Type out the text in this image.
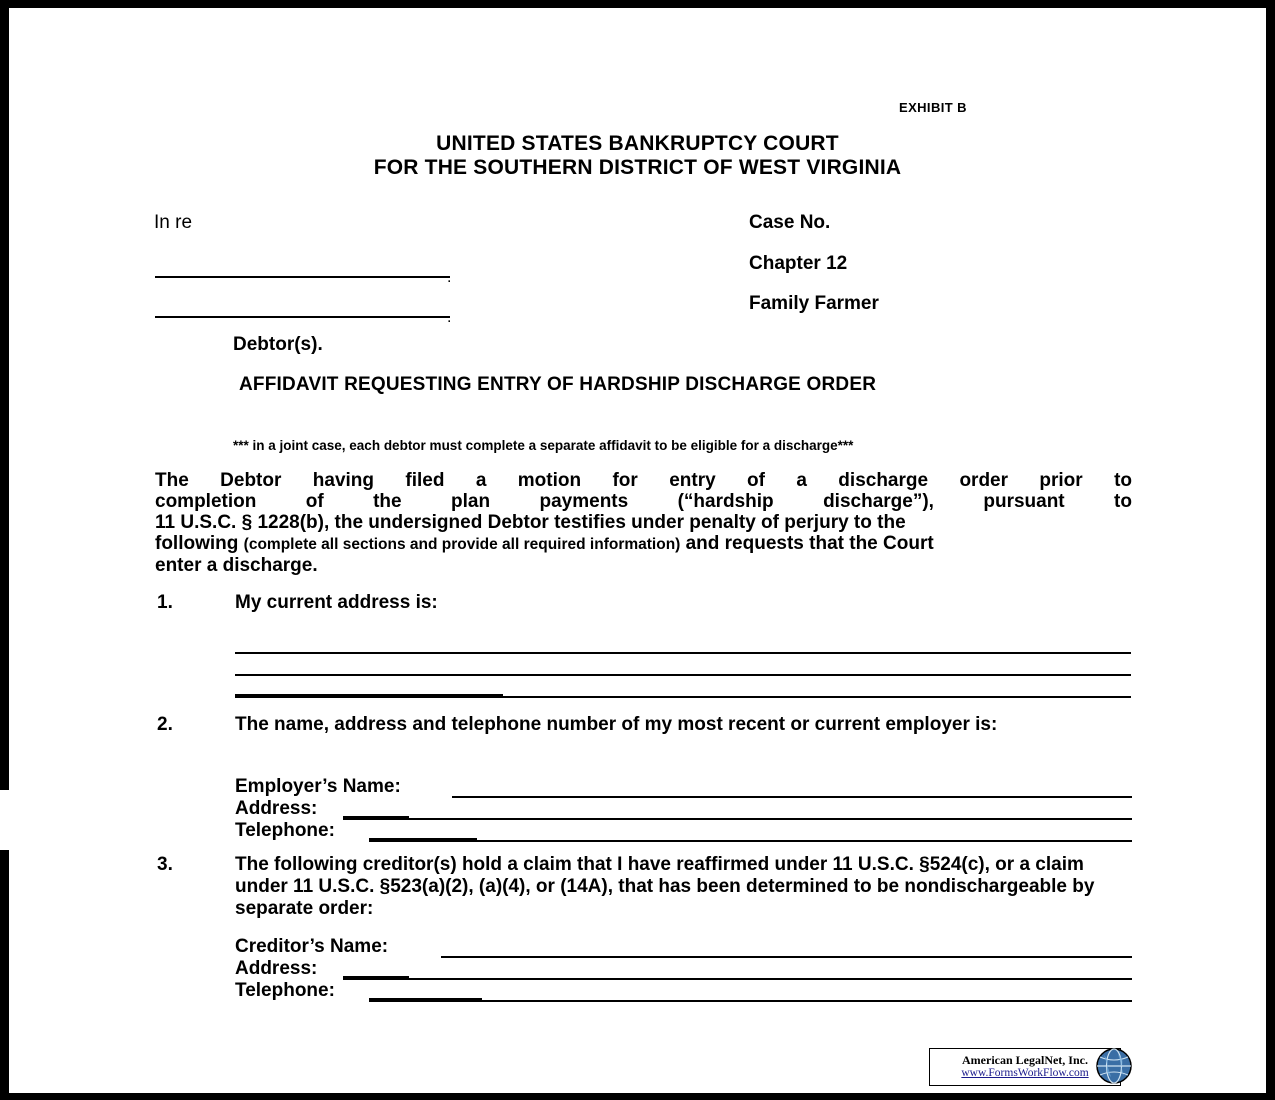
EXHIBIT B
UNITED STATES BANKRUPTCY COURT
FOR THE SOUTHERN DISTRICT OF WEST VIRGINIA
In re	Case No.
Chapter 12
Family Farmer
.
.
Debtor(s).
AFFIDAVIT REQUESTING ENTRY OF HARDSHIP DISCHARGE ORDER
*** in a joint case, each debtor must complete a separate affidavit to be eligible for a discharge***
The Debtor having filed a motion for entry of a discharge order prior to
completion of the plan payments (“hardship discharge”), pursuant to
11 U.S.C. § 1228(b), the undersigned Debtor testifies under penalty of perjury to the
following (complete all sections and provide all required information) and requests that the Court
enter a discharge.
1.	My current address is:
2.	The name, address and telephone number of my most recent or current employer is:
Employer’s Name:
Address:
Telephone:
3.	The following creditor(s) hold a claim that I have reaffirmed under 11 U.S.C. §524(c), or a claim under 11 U.S.C. §523(a)(2), (a)(4), or (14A), that has been determined to be nondischargeable by separate order:
Creditor’s Name:
Address:
Telephone:
American LegalNet, Inc.
www.FormsWorkFlow.com
